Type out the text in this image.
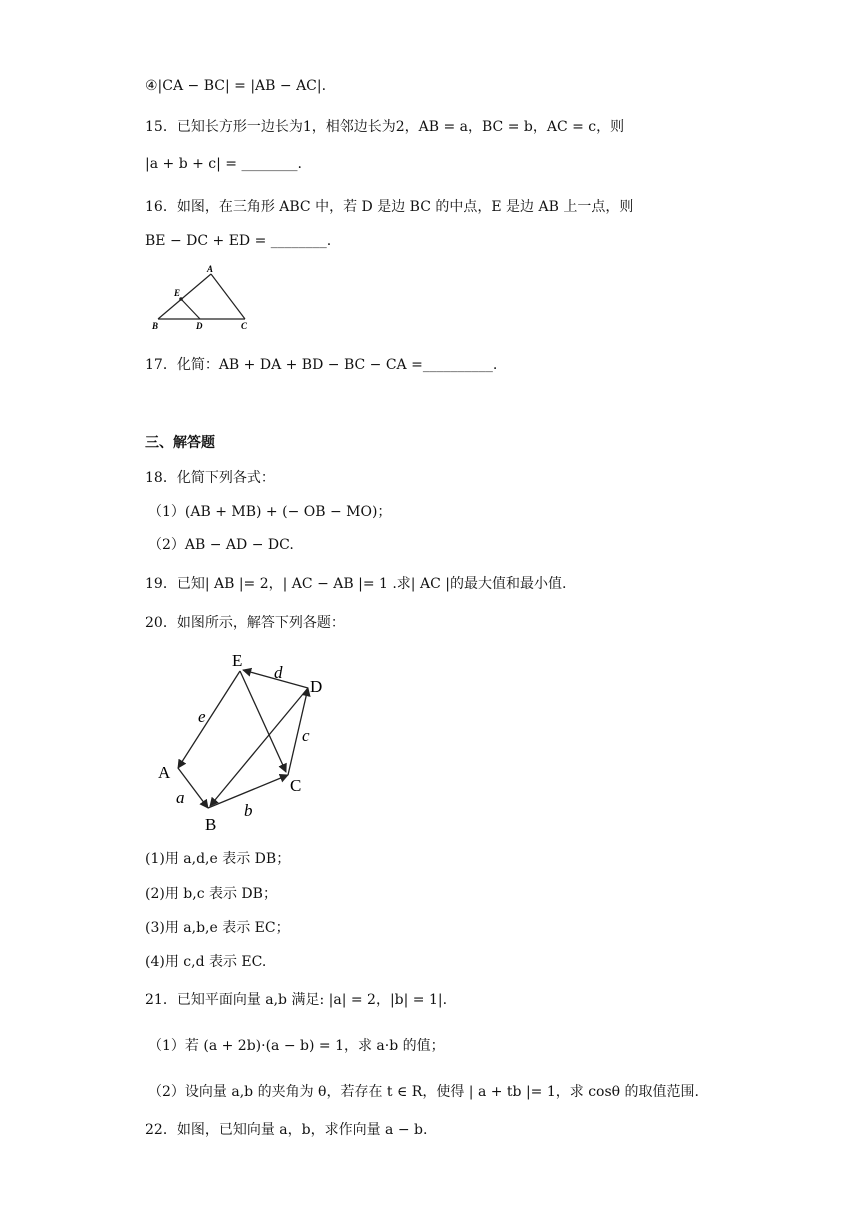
④|CA − BC| = |AB − AC|.
15．已知长方形一边长为1，相邻边长为2，AB = a，BC = b，AC = c，则
|a + b + c| = ________.
16．如图，在三角形 ABC 中，若 D 是边 BC 的中点，E 是边 AB 上一点，则
BE − DC + ED = ________.
A
B	C
D
E
17．化简：AB + DA + BD − BC − CA =__________.
三、解答题
18．化简下列各式：
（1）(AB + MB) + (− OB − MO)；
（2）AB − AD − DC.
19．已知| AB |= 2，| AC − AB |= 1 .求| AC |的最大值和最小值.
20．如图所示，解答下列各题：
E
D
A
B
C
d
e
c
a
b
(1)用 a,d,e 表示 DB；
(2)用 b,c 表示 DB；
(3)用 a,b,e 表示 EC；
(4)用 c,d 表示 EC.
21．已知平面向量 a,b 满足: |a| = 2，|b| = 1|.
（1）若 (a + 2b)·(a − b) = 1，求 a·b 的值；
（2）设向量 a,b 的夹角为 θ，若存在 t ∈ R，使得 | a + tb |= 1，求 cosθ 的取值范围.
22．如图，已知向量 a，b，求作向量 a − b.
